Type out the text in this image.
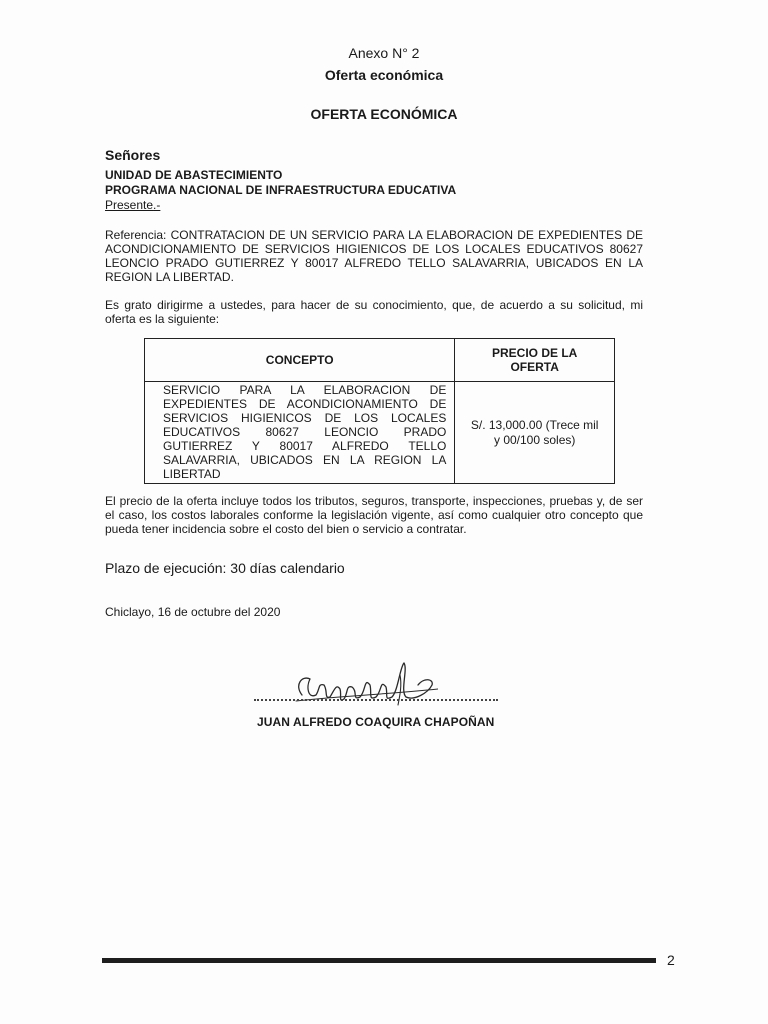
Anexo N° 2
Oferta económica
OFERTA ECONÓMICA
Señores
UNIDAD DE ABASTECIMIENTO
PROGRAMA NACIONAL DE INFRAESTRUCTURA EDUCATIVA
Presente.-
Referencia: CONTRATACION DE UN SERVICIO PARA LA ELABORACION DE EXPEDIENTES DE ACONDICIONAMIENTO DE SERVICIOS HIGIENICOS DE LOS LOCALES EDUCATIVOS 80627 LEONCIO PRADO GUTIERREZ Y 80017 ALFREDO TELLO SALAVARRIA, UBICADOS EN LA REGION LA LIBERTAD.
Es grato dirigirme a ustedes, para hacer de su conocimiento, que, de acuerdo a su solicitud, mi oferta es la siguiente:
CONCEPTO	PRECIO DE LA
OFERTA
SERVICIO PARA LA ELABORACION DE EXPEDIENTES DE ACONDICIONAMIENTO DE SERVICIOS HIGIENICOS DE LOS LOCALES EDUCATIVOS 80627 LEONCIO PRADO GUTIERREZ Y 80017 ALFREDO TELLO SALAVARRIA, UBICADOS EN LA REGION LA LIBERTAD	S/. 13,000.00 (Trece mil
y 00/100 soles)
El precio de la oferta incluye todos los tributos, seguros, transporte, inspecciones, pruebas y, de ser el caso, los costos laborales conforme la legislación vigente, así como cualquier otro concepto que pueda tener incidencia sobre el costo del bien o servicio a contratar.
Plazo de ejecución: 30 días calendario
Chiclayo, 16 de octubre del 2020
JUAN ALFREDO COAQUIRA CHAPOÑAN
2
